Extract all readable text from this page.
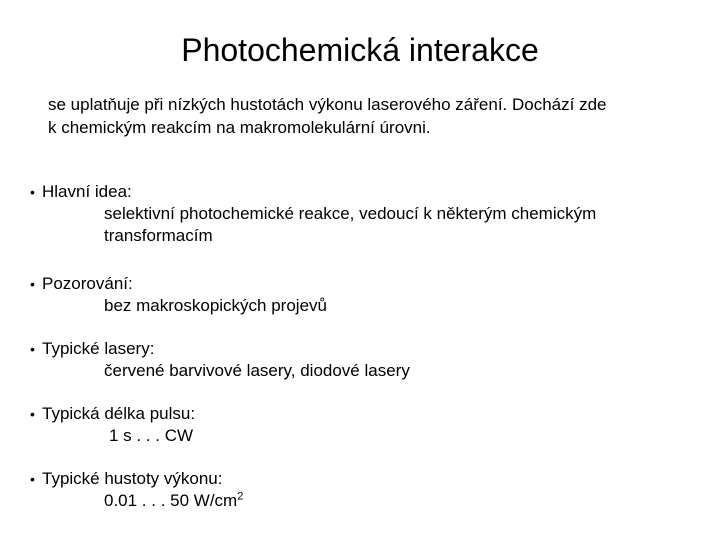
Photochemická interakce
se uplatňuje při nízkých hustotách výkonu laserového záření. Dochází zde
k chemickým reakcím na makromolekulární úrovni.
• Hlavní idea:
selektivní photochemické reakce, vedoucí k některým chemickým
transformacím
• Pozorování:
bez makroskopických projevů
• Typické lasery:
červené barvivové lasery, diodové lasery
• Typická délka pulsu:
1 s . . . CW
• Typické hustoty výkonu:
0.01 . . . 50 $W/cm^2$
